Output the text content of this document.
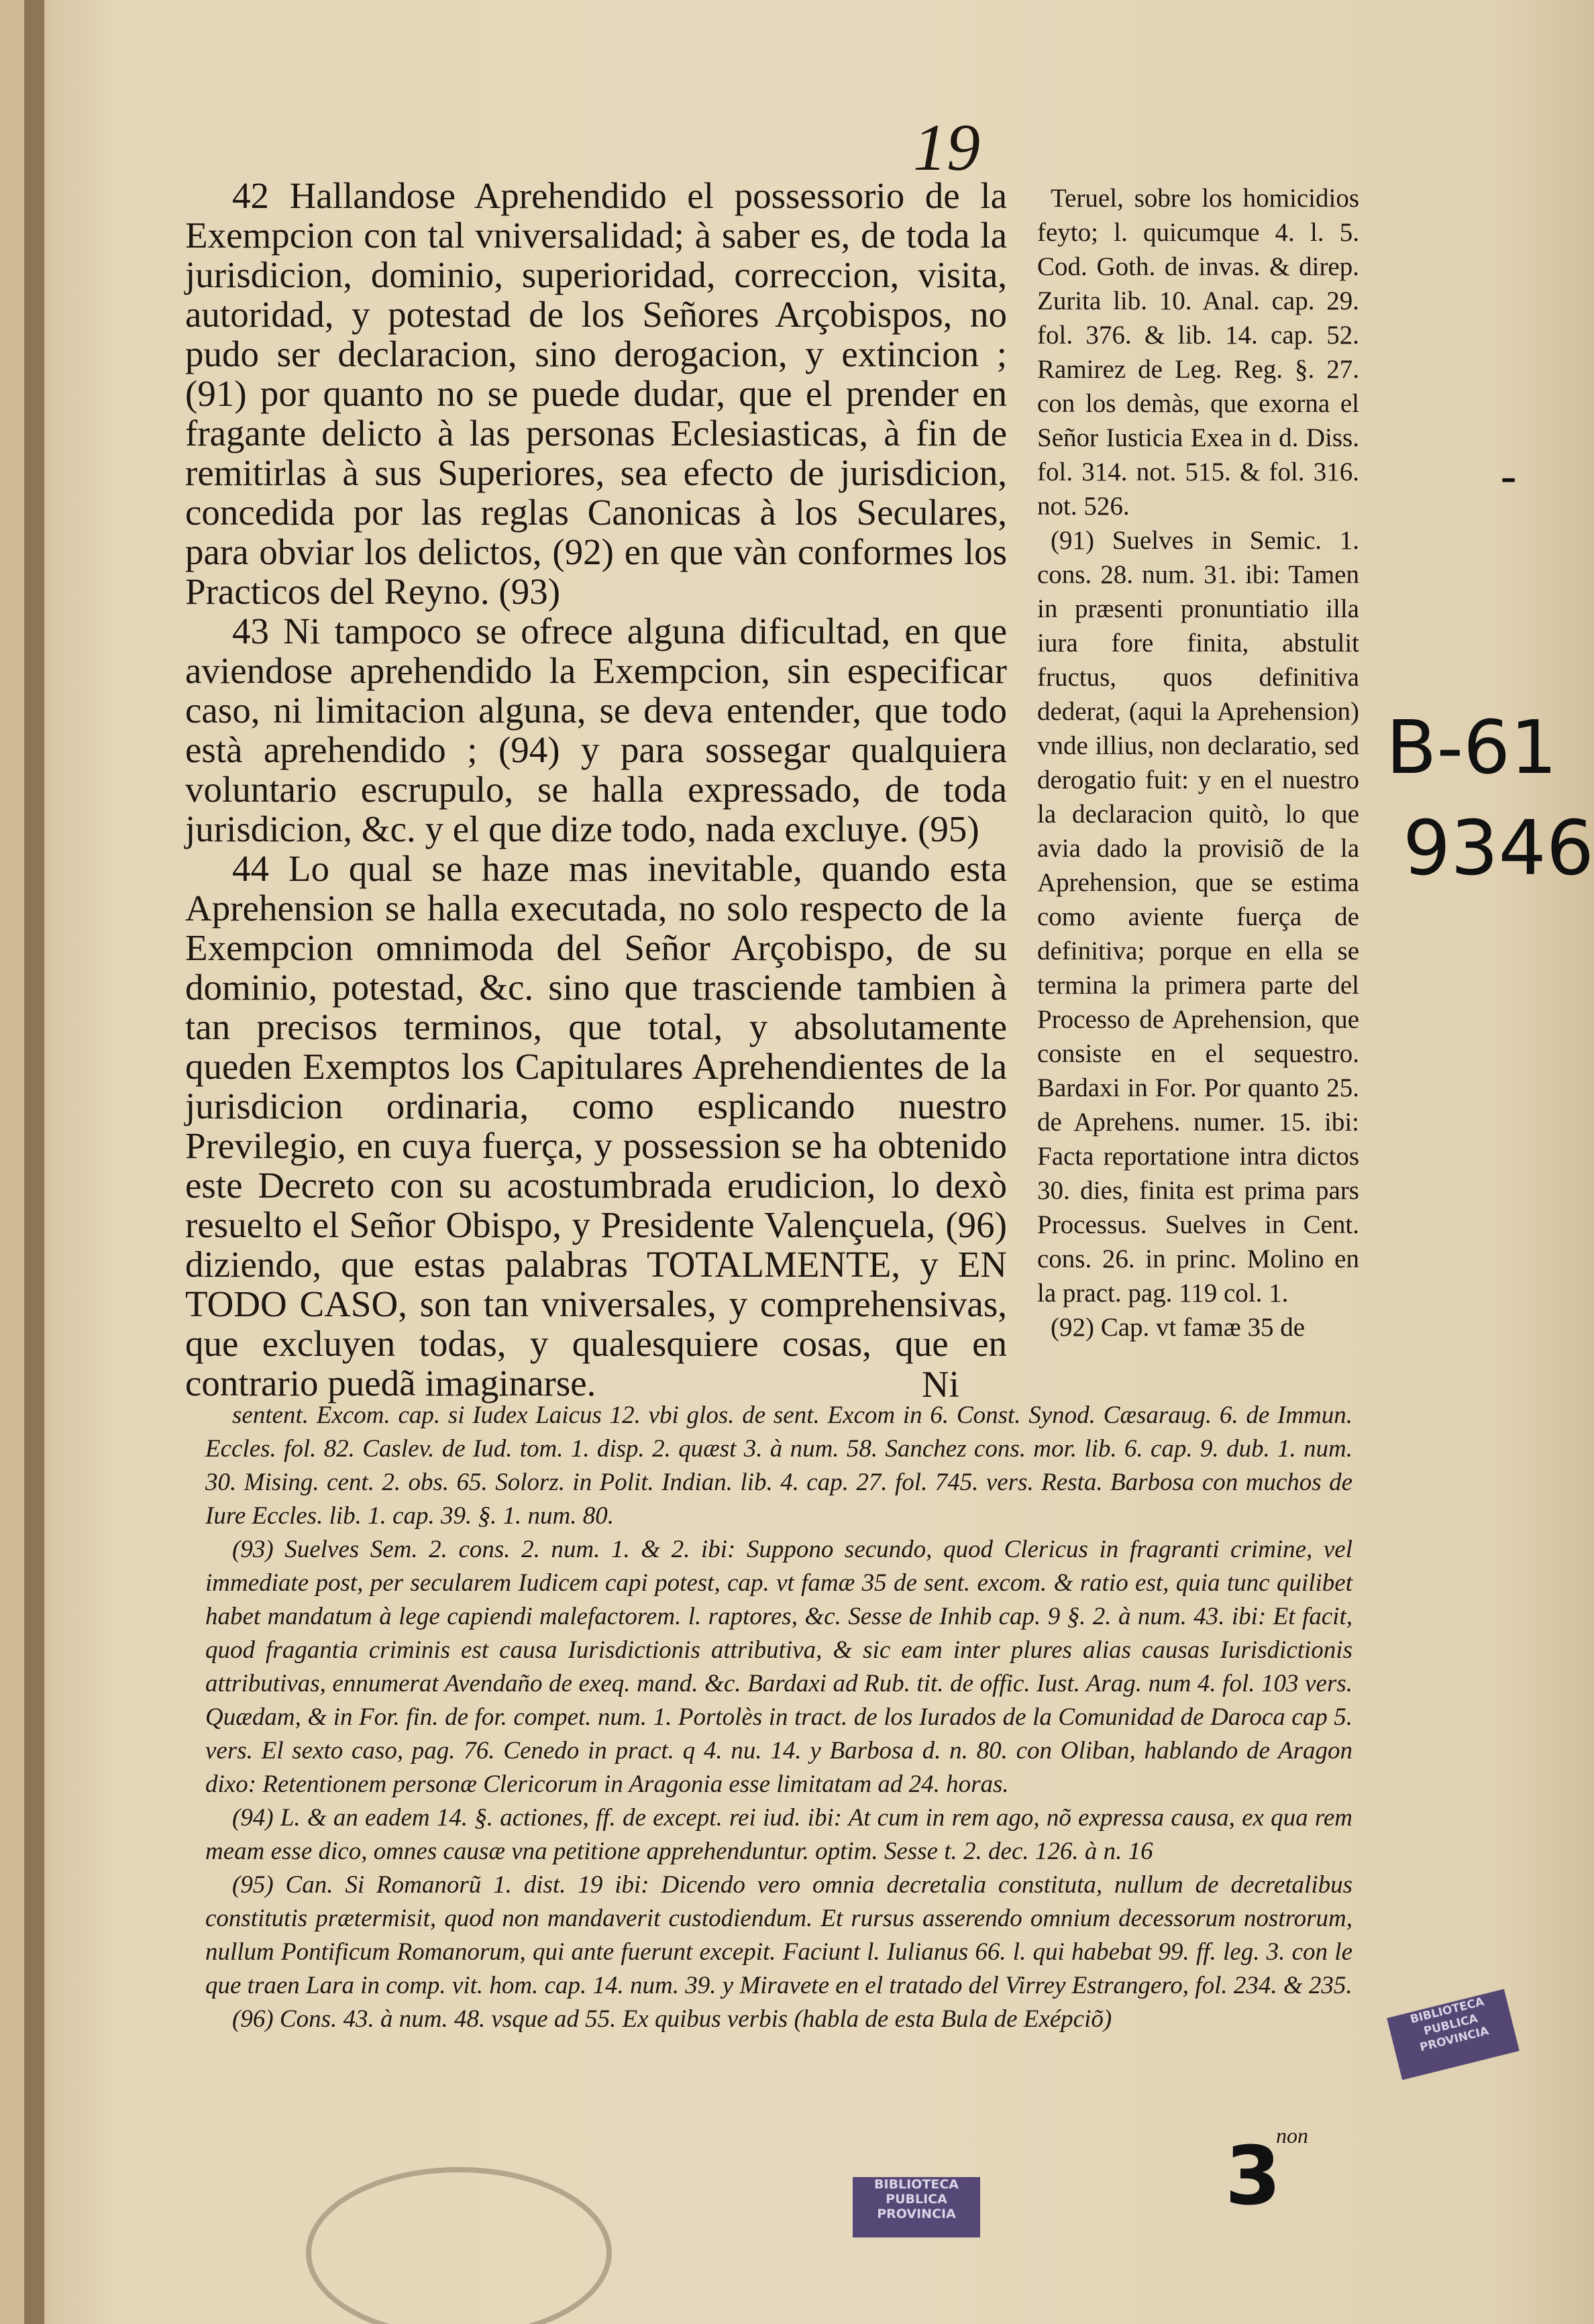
19

42 Hallandose Aprehendido el possessorio de la Exempcion con tal vniversalidad; à saber es, de toda la jurisdicion, dominio, superioridad, correccion, visita, autoridad, y potestad de los Señores Arçobispos, no pudo ser declaracion, sino derogacion, y extincion ; (91) por quanto no se puede dudar, que el prender en fragante delicto à las personas Eclesiasticas, à fin de remitirlas à sus Superiores, sea efecto de jurisdicion, concedida por las reglas Canonicas à los Seculares, para obviar los delictos, (92) en que vàn conformes los Practicos del Reyno. (93)

43 Ni tampoco se ofrece alguna dificultad, en que aviendose aprehendido la Exempcion, sin especificar caso, ni limitacion alguna, se deva entender, que todo està aprehendido ; (94) y para sossegar qualquiera voluntario escrupulo, se halla expressado, de toda jurisdicion, &c. y el que dize todo, nada excluye. (95)

44 Lo qual se haze mas inevitable, quando esta Aprehension se halla executada, no solo respecto de la Exempcion omnimoda del Señor Arçobispo, de su dominio, potestad, &c. sino que trasciende tambien à tan precisos terminos, que total, y absolutamente queden Exemptos los Capitulares Aprehendientes de la jurisdicion ordinaria, como esplicando nuestro Previlegio, en cuya fuerça, y possession se ha obtenido este Decreto con su acostumbrada erudicion, lo dexò resuelto el Señor Obispo, y Presidente Valençuela, (96) diziendo, que estas palabras TOTALMENTE, y EN TODO CASO, son tan vniversales, y comprehensivas, que excluyen todas, y qualesquiere cosas, que en contrario puedã imaginarse.

Teruel, sobre los homicidios feyto; l. quicumque 4. l. 5. Cod. Goth. de invas. & direp. Zurita lib. 10. Anal. cap. 29. fol. 376. & lib. 14. cap. 52. Ramirez de Leg. Reg. §. 27. con los demàs, que exorna el Señor Iusticia Exea in d. Diss. fol. 314. not. 515. & fol. 316. not. 526.

(91) Suelves in Semic. 1. cons. 28. num. 31. ibi: Tamen in præsenti pronuntiatio illa iura fore finita, abstulit fructus, quos definitiva dederat, (aqui la Aprehension) vnde illius, non declaratio, sed derogatio fuit: y en el nuestro la declaracion quitò, lo que avia dado la provisiõ de la Aprehension, que se estima como aviente fuerça de definitiva; porque en ella se termina la primera parte del Processo de Aprehension, que consiste en el sequestro. Bardaxi in For. Por quanto 25. de Aprehens. numer. 15. ibi: Facta reportatione intra dictos 30. dies, finita est prima pars Processus. Suelves in Cent. cons. 26. in princ. Molino en la pract. pag. 119 col. 1.

(92) Cap. vt famæ 35 de

Ni

sentent. Excom. cap. si Iudex Laicus 12. vbi glos. de sent. Excom in 6. Const. Synod. Cæsaraug. 6. de Immun. Eccles. fol. 82. Caslev. de Iud. tom. 1. disp. 2. quæst 3. à num. 58. Sanchez cons. mor. lib. 6. cap. 9. dub. 1. num. 30. Mising. cent. 2. obs. 65. Solorz. in Polit. Indian. lib. 4. cap. 27. fol. 745. vers. Resta. Barbosa con muchos de Iure Eccles. lib. 1. cap. 39. §. 1. num. 80.

(93) Suelves Sem. 2. cons. 2. num. 1. & 2. ibi: Suppono secundo, quod Clericus in fragranti crimine, vel immediate post, per secularem Iudicem capi potest, cap. vt famæ 35 de sent. excom. & ratio est, quia tunc quilibet habet mandatum à lege capiendi malefactorem. l. raptores, &c. Sesse de Inhib cap. 9 §. 2. à num. 43. ibi: Et facit, quod fragantia criminis est causa Iurisdictionis attributiva, & sic eam inter plures alias causas Iurisdictionis attributivas, ennumerat Avendaño de exeq. mand. &c. Bardaxi ad Rub. tit. de offic. Iust. Arag. num 4. fol. 103 vers. Quædam, & in For. fin. de for. compet. num. 1. Portolès in tract. de los Iurados de la Comunidad de Daroca cap 5. vers. El sexto caso, pag. 76. Cenedo in pract. q 4. nu. 14. y Barbosa d. n. 80. con Oliban, hablando de Aragon dixo: Retentionem personæ Clericorum in Aragonia esse limitatam ad 24. horas.

(94) L. & an eadem 14. §. actiones, ff. de except. rei iud. ibi: At cum in rem ago, nõ expressa causa, ex qua rem meam esse dico, omnes causæ vna petitione apprehenduntur. optim. Sesse t. 2. dec. 126. à n. 16

(95) Can. Si Romanorũ 1. dist. 19 ibi: Dicendo vero omnia decretalia constituta, nullum de decretalibus constitutis prætermisit, quod non mandaverit custodiendum. Et rursus asserendo omnium decessorum nostrorum, nullum Pontificum Romanorum, qui ante fuerunt excepit. Faciunt l. Iulianus 66. l. qui habebat 99. ff. leg. 3. con le que traen Lara in comp. vit. hom. cap. 14. num. 39. y Miravete en el tratado del Virrey Estrangero, fol. 234. & 235.

(96) Cons. 43. à num. 48. vsque ad 55. Ex quibus verbis (habla de esta Bula de Exépciõ)

non
-
B-61
9346
3
BIBLIOTECA PUBLICA PROVINCIA
BIBLIOTECA PUBLICA PROVINCIA
